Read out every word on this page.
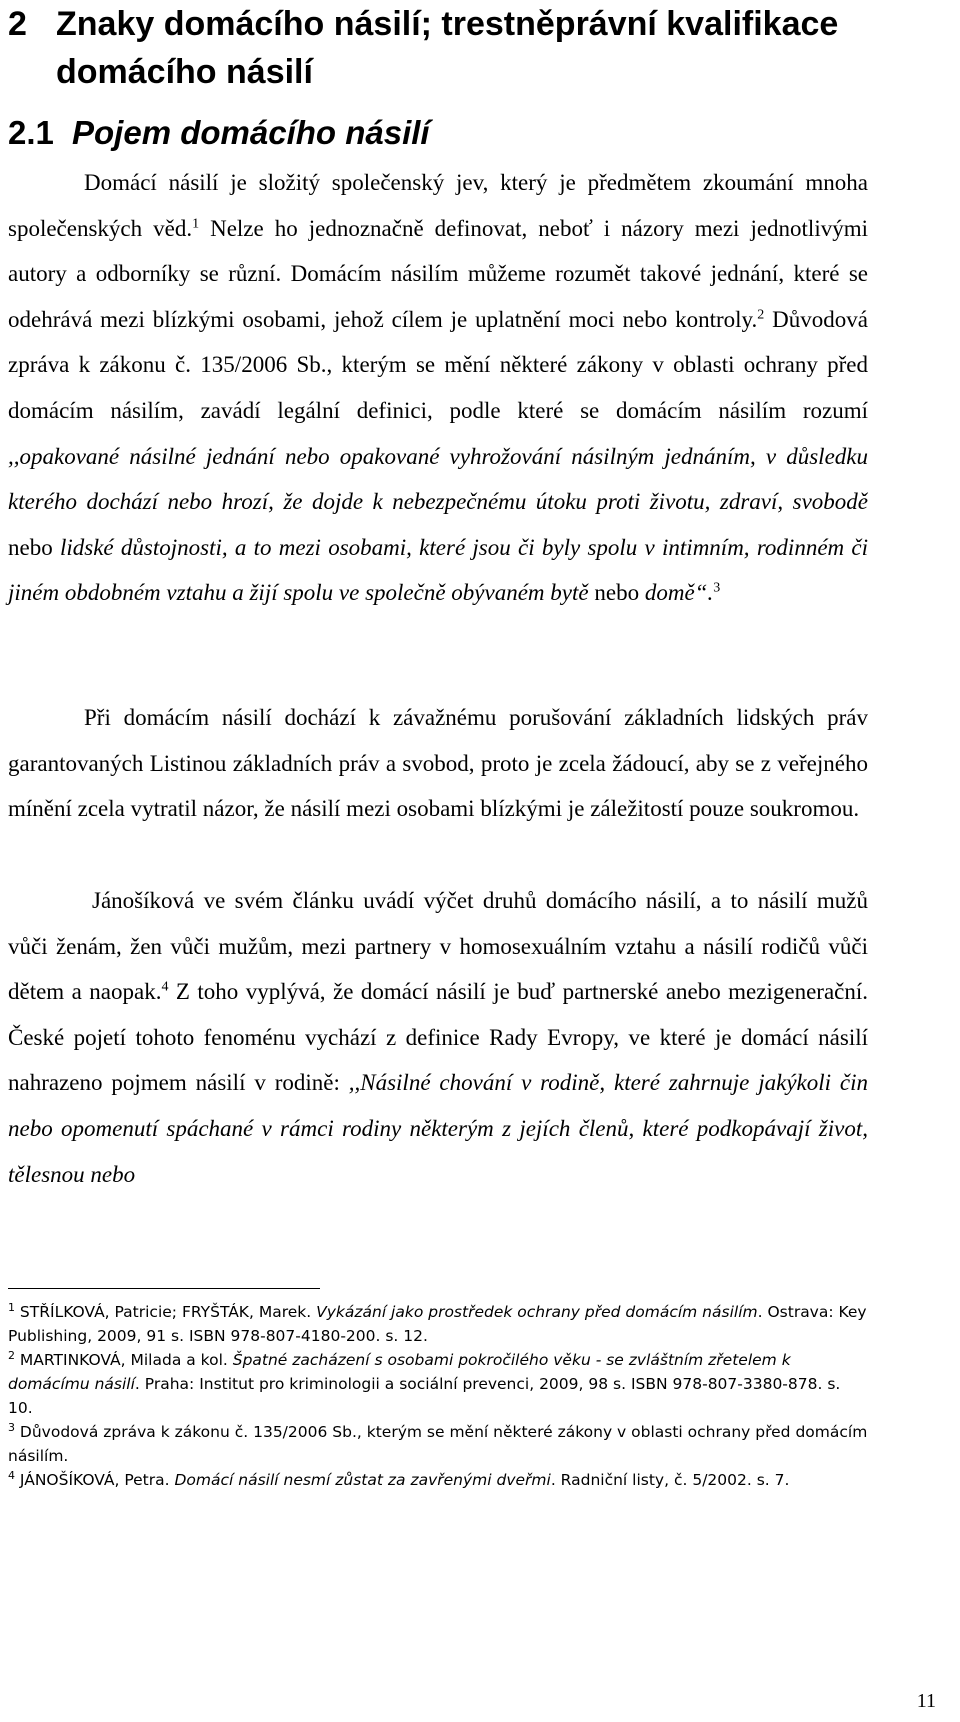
2 Znaky domácího násilí; trestněprávní kvalifikace
domácího násilí
2.1 Pojem domácího násilí

Domácí násilí je složitý společenský jev, který je předmětem zkoumání mnoha společenských věd.$^1$ Nelze ho jednoznačně definovat, neboť i názory mezi jednotlivými autory a odborníky se různí. Domácím násilím můžeme rozumět takové jednání, které se odehrává mezi blízkými osobami, jehož cílem je uplatnění moci nebo kontroly.$^2$ Důvodová zpráva k zákonu č. 135/2006 Sb., kterým se mění některé zákony v oblasti ochrany před domácím násilím, zavádí legální definici, podle které se domácím násilím rozumí ,,opakované násilné jednání nebo opakované vyhrožování násilným jednáním, v důsledku kterého dochází nebo hrozí, že dojde k nebezpečnému útoku proti životu, zdraví, svobodě nebo lidské důstojnosti, a to mezi osobami, které jsou či byly spolu v intimním, rodinném či jiném obdobném vztahu a žijí spolu ve společně obývaném bytě nebo domě“.$^3$

Při domácím násilí dochází k závažnému porušování základních lidských práv garantovaných Listinou základních práv a svobod, proto je zcela žádoucí, aby se z veřejného mínění zcela vytratil názor, že násilí mezi osobami blízkými je záležitostí pouze soukromou.

Jánošíková ve svém článku uvádí výčet druhů domácího násilí, a to násilí mužů vůči ženám, žen vůči mužům, mezi partnery v homosexuálním vztahu a násilí rodičů vůči dětem a naopak.$^4$ Z toho vyplývá, že domácí násilí je buď partnerské anebo mezigenerační. České pojetí tohoto fenoménu vychází z definice Rady Evropy, ve které je domácí násilí nahrazeno pojmem násilí v rodině: ,,Násilné chování v rodině, které zahrnuje jakýkoli čin nebo opomenutí spáchané v rámci rodiny některým z jejích členů, které podkopávají život, tělesnou nebo

$^1$ STŘÍLKOVÁ, Patricie; FRYŠTÁK, Marek. Vykázání jako prostředek ochrany před domácím násilím. Ostrava: Key Publishing, 2009, 91 s. ISBN 978-807-4180-200. s. 12.

$^2$ MARTINKOVÁ, Milada a kol. Špatné zacházení s osobami pokročilého věku - se zvláštním zřetelem k domácímu násilí. Praha: Institut pro kriminologii a sociální prevenci, 2009, 98 s. ISBN 978-807-3380-878. s. 10.

$^3$ Důvodová zpráva k zákonu č. 135/2006 Sb., kterým se mění některé zákony v oblasti ochrany před domácím násilím.

$^4$ JÁNOŠÍKOVÁ, Petra. Domácí násilí nesmí zůstat za zavřenými dveřmi. Radniční listy, č. 5/2002. s. 7.

11
